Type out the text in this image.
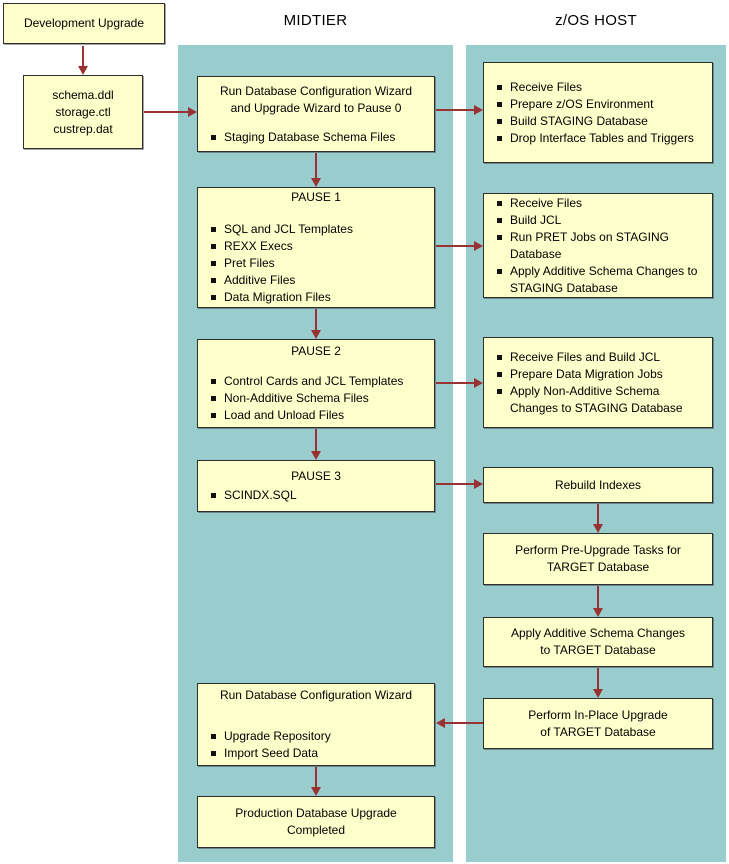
MIDTIER	z/OS HOST
Development Upgrade
schema.ddl
storage.ctl
custrep.dat
Run Database Configuration Wizard
and Upgrade Wizard to Pause 0
Staging Database Schema Files
PAUSE 1
SQL and JCL Templates
REXX Execs
Pret Files
Additive Files
Data Migration Files
PAUSE 2
Control Cards and JCL Templates
Non-Additive Schema Files
Load and Unload Files
PAUSE 3
SCINDX.SQL
Run Database Configuration Wizard
Upgrade Repository
Import Seed Data
Production Database Upgrade
Completed
Receive Files
Prepare z/OS Environment
Build STAGING Database
Drop Interface Tables and Triggers
Receive Files
Build JCL
Run PRET Jobs on STAGING Database
Apply Additive Schema Changes to STAGING Database
Receive Files and Build JCL
Prepare Data Migration Jobs
Apply Non-Additive Schema Changes to STAGING Database
Rebuild Indexes
Perform Pre-Upgrade Tasks for
TARGET Database
Apply Additive Schema Changes
to TARGET Database
Perform In-Place Upgrade
of TARGET Database
